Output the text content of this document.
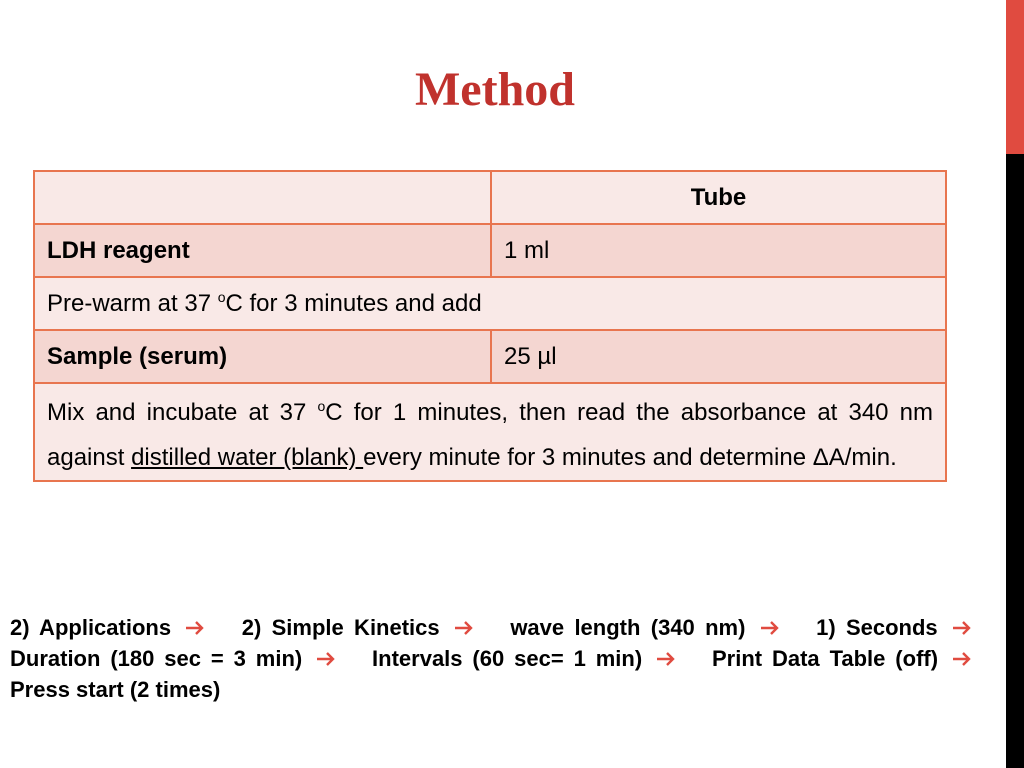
Method
	Tube
LDH reagent	1 ml
Pre-warm at 37 $^o$C for 3 minutes and add	
Sample (serum)	25 µl
Mix and incubate at 37 $^o$C for 1 minutes, then read the absorbance at 340 nm against distilled water (blank) every minute for 3 minutes and determine ΔA/min.	
2) Applications	2) Simple Kinetics	wave length (340 nm)	1) Seconds
Duration (180 sec = 3 min)	Intervals (60 sec= 1 min)	Print Data Table (off)
Press start (2 times)
